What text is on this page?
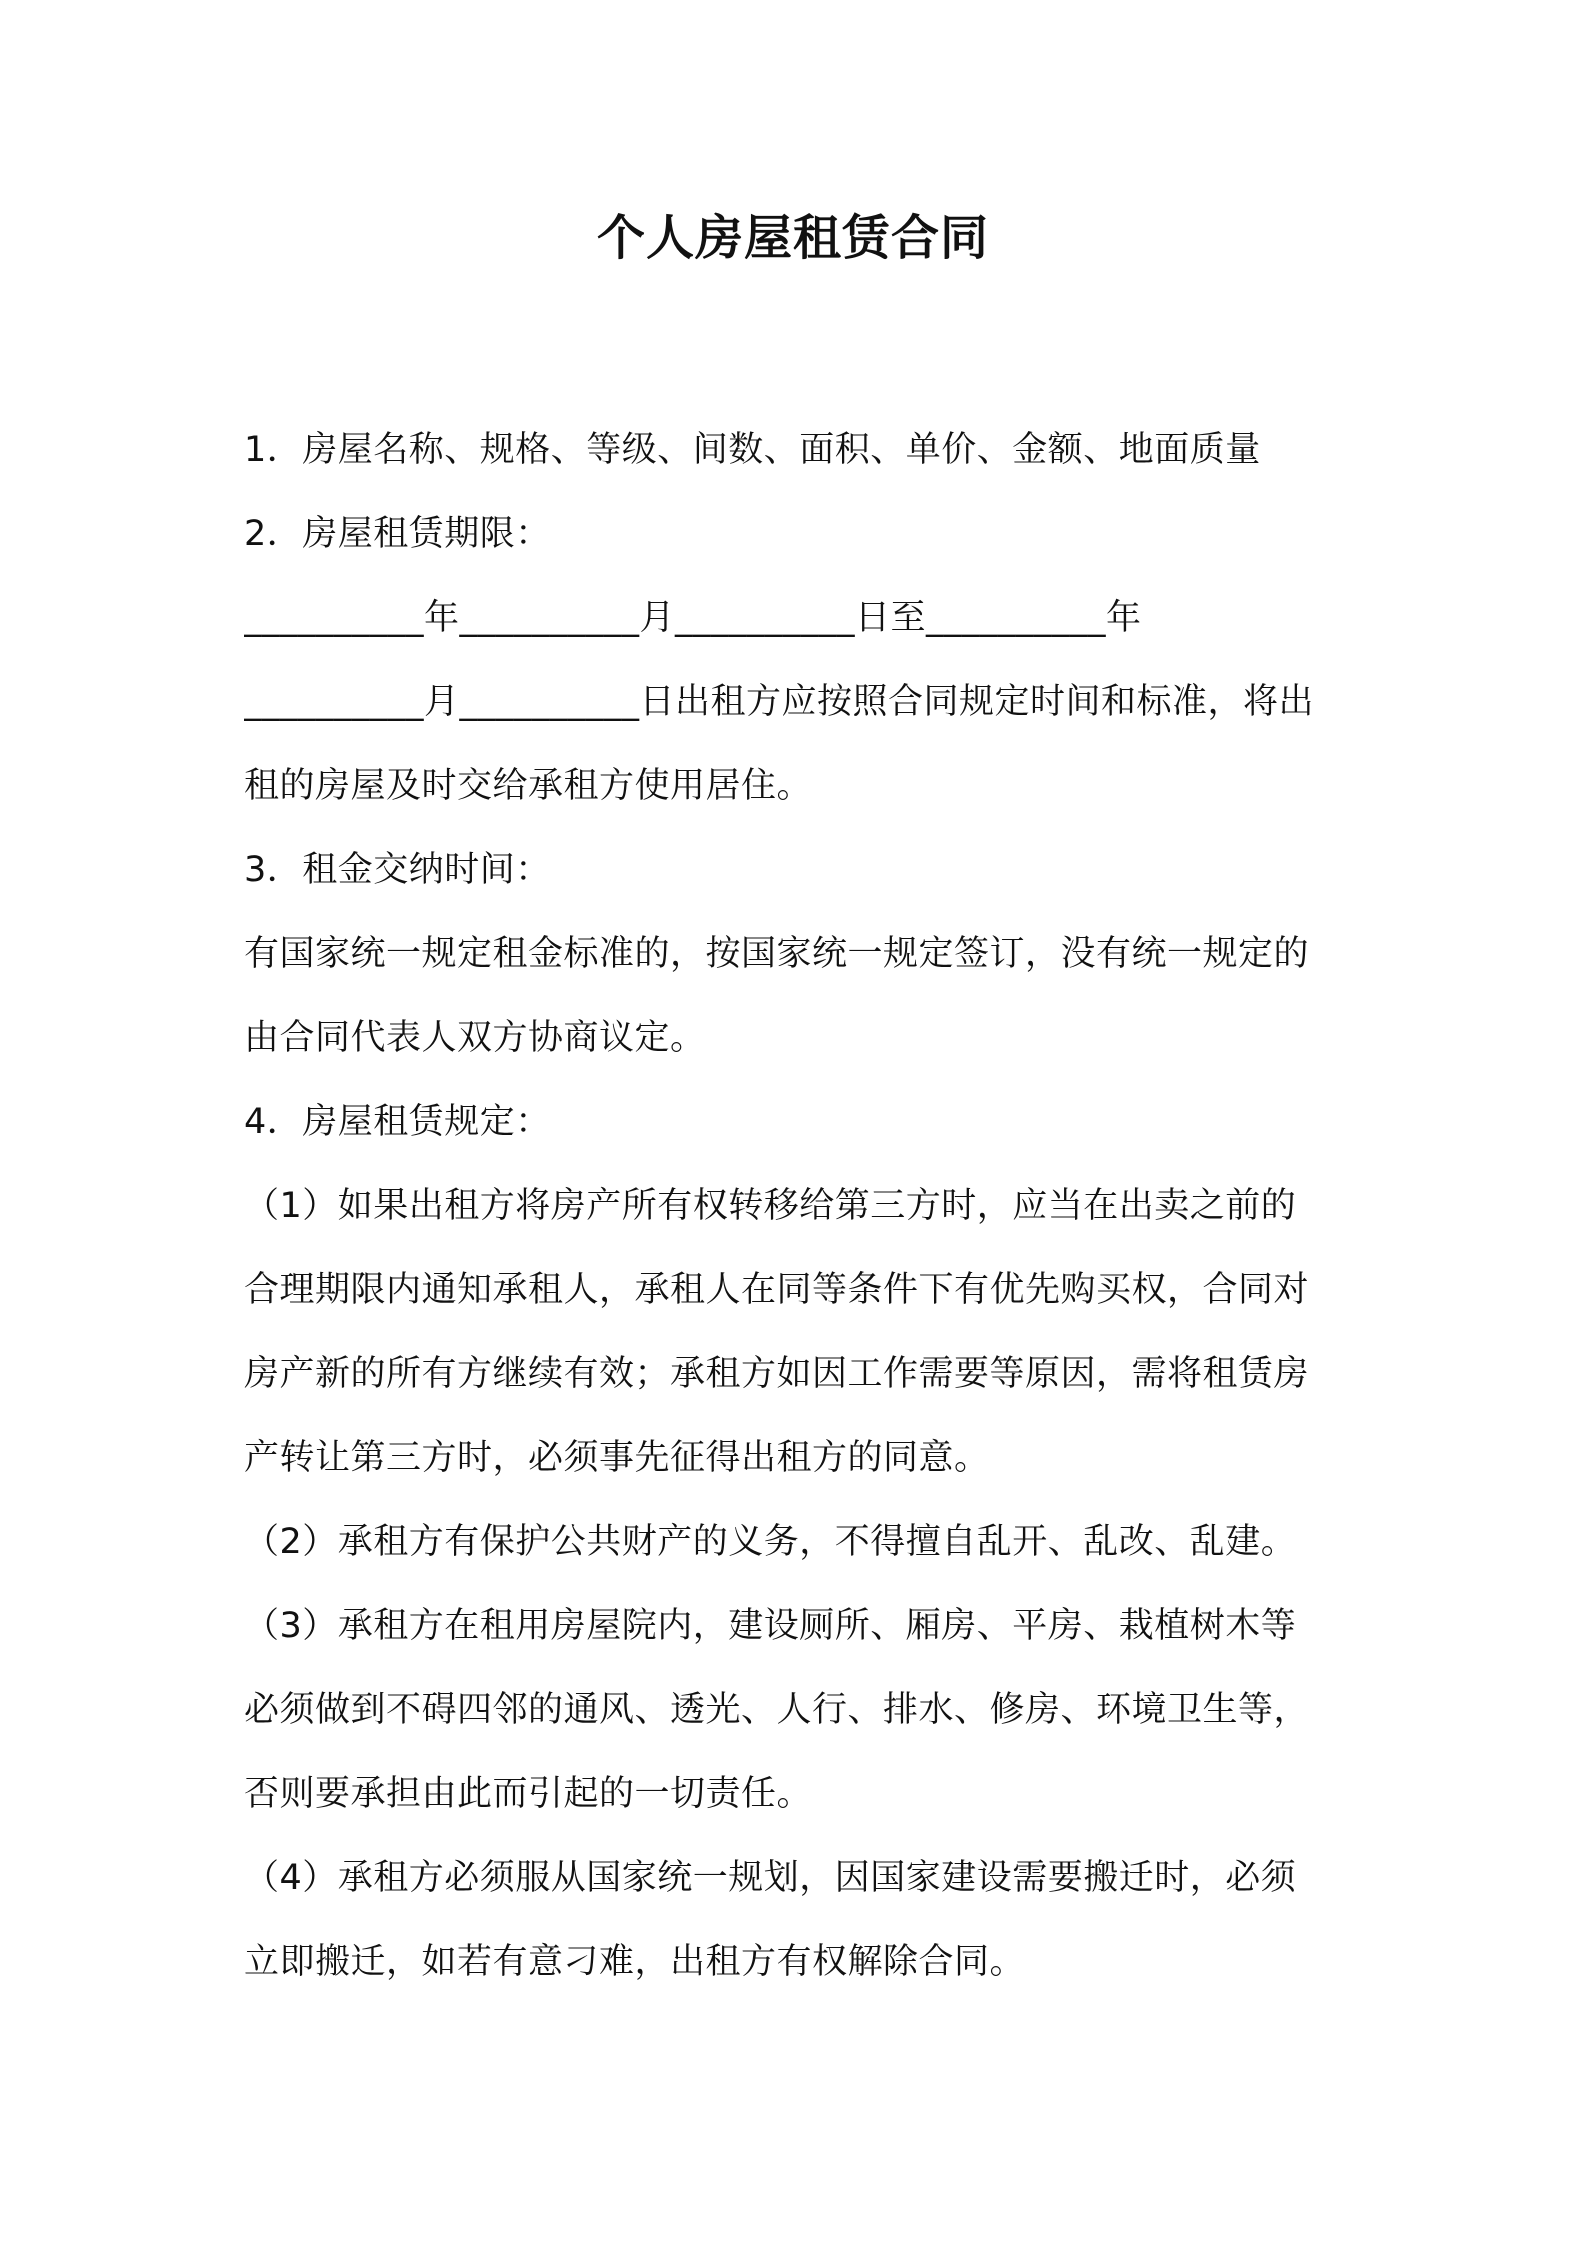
个人房屋租赁合同
1．房屋名称、规格、等级、间数、面积、单价、金额、地面质量
2．房屋租赁期限：
__________年__________月__________日至__________年
__________月__________日出租方应按照合同规定时间和标准，将出
租的房屋及时交给承租方使用居住。
3．租金交纳时间：
有国家统一规定租金标准的，按国家统一规定签订，没有统一规定的
由合同代表人双方协商议定。
4．房屋租赁规定：
（1）如果出租方将房产所有权转移给第三方时，应当在出卖之前的
合理期限内通知承租人，承租人在同等条件下有优先购买权，合同对
房产新的所有方继续有效；承租方如因工作需要等原因，需将租赁房
产转让第三方时，必须事先征得出租方的同意。
（2）承租方有保护公共财产的义务，不得擅自乱开、乱改、乱建。
（3）承租方在租用房屋院内，建设厕所、厢房、平房、栽植树木等
必须做到不碍四邻的通风、透光、人行、排水、修房、环境卫生等，
否则要承担由此而引起的一切责任。
（4）承租方必须服从国家统一规划，因国家建设需要搬迁时，必须
立即搬迁，如若有意刁难，出租方有权解除合同。
